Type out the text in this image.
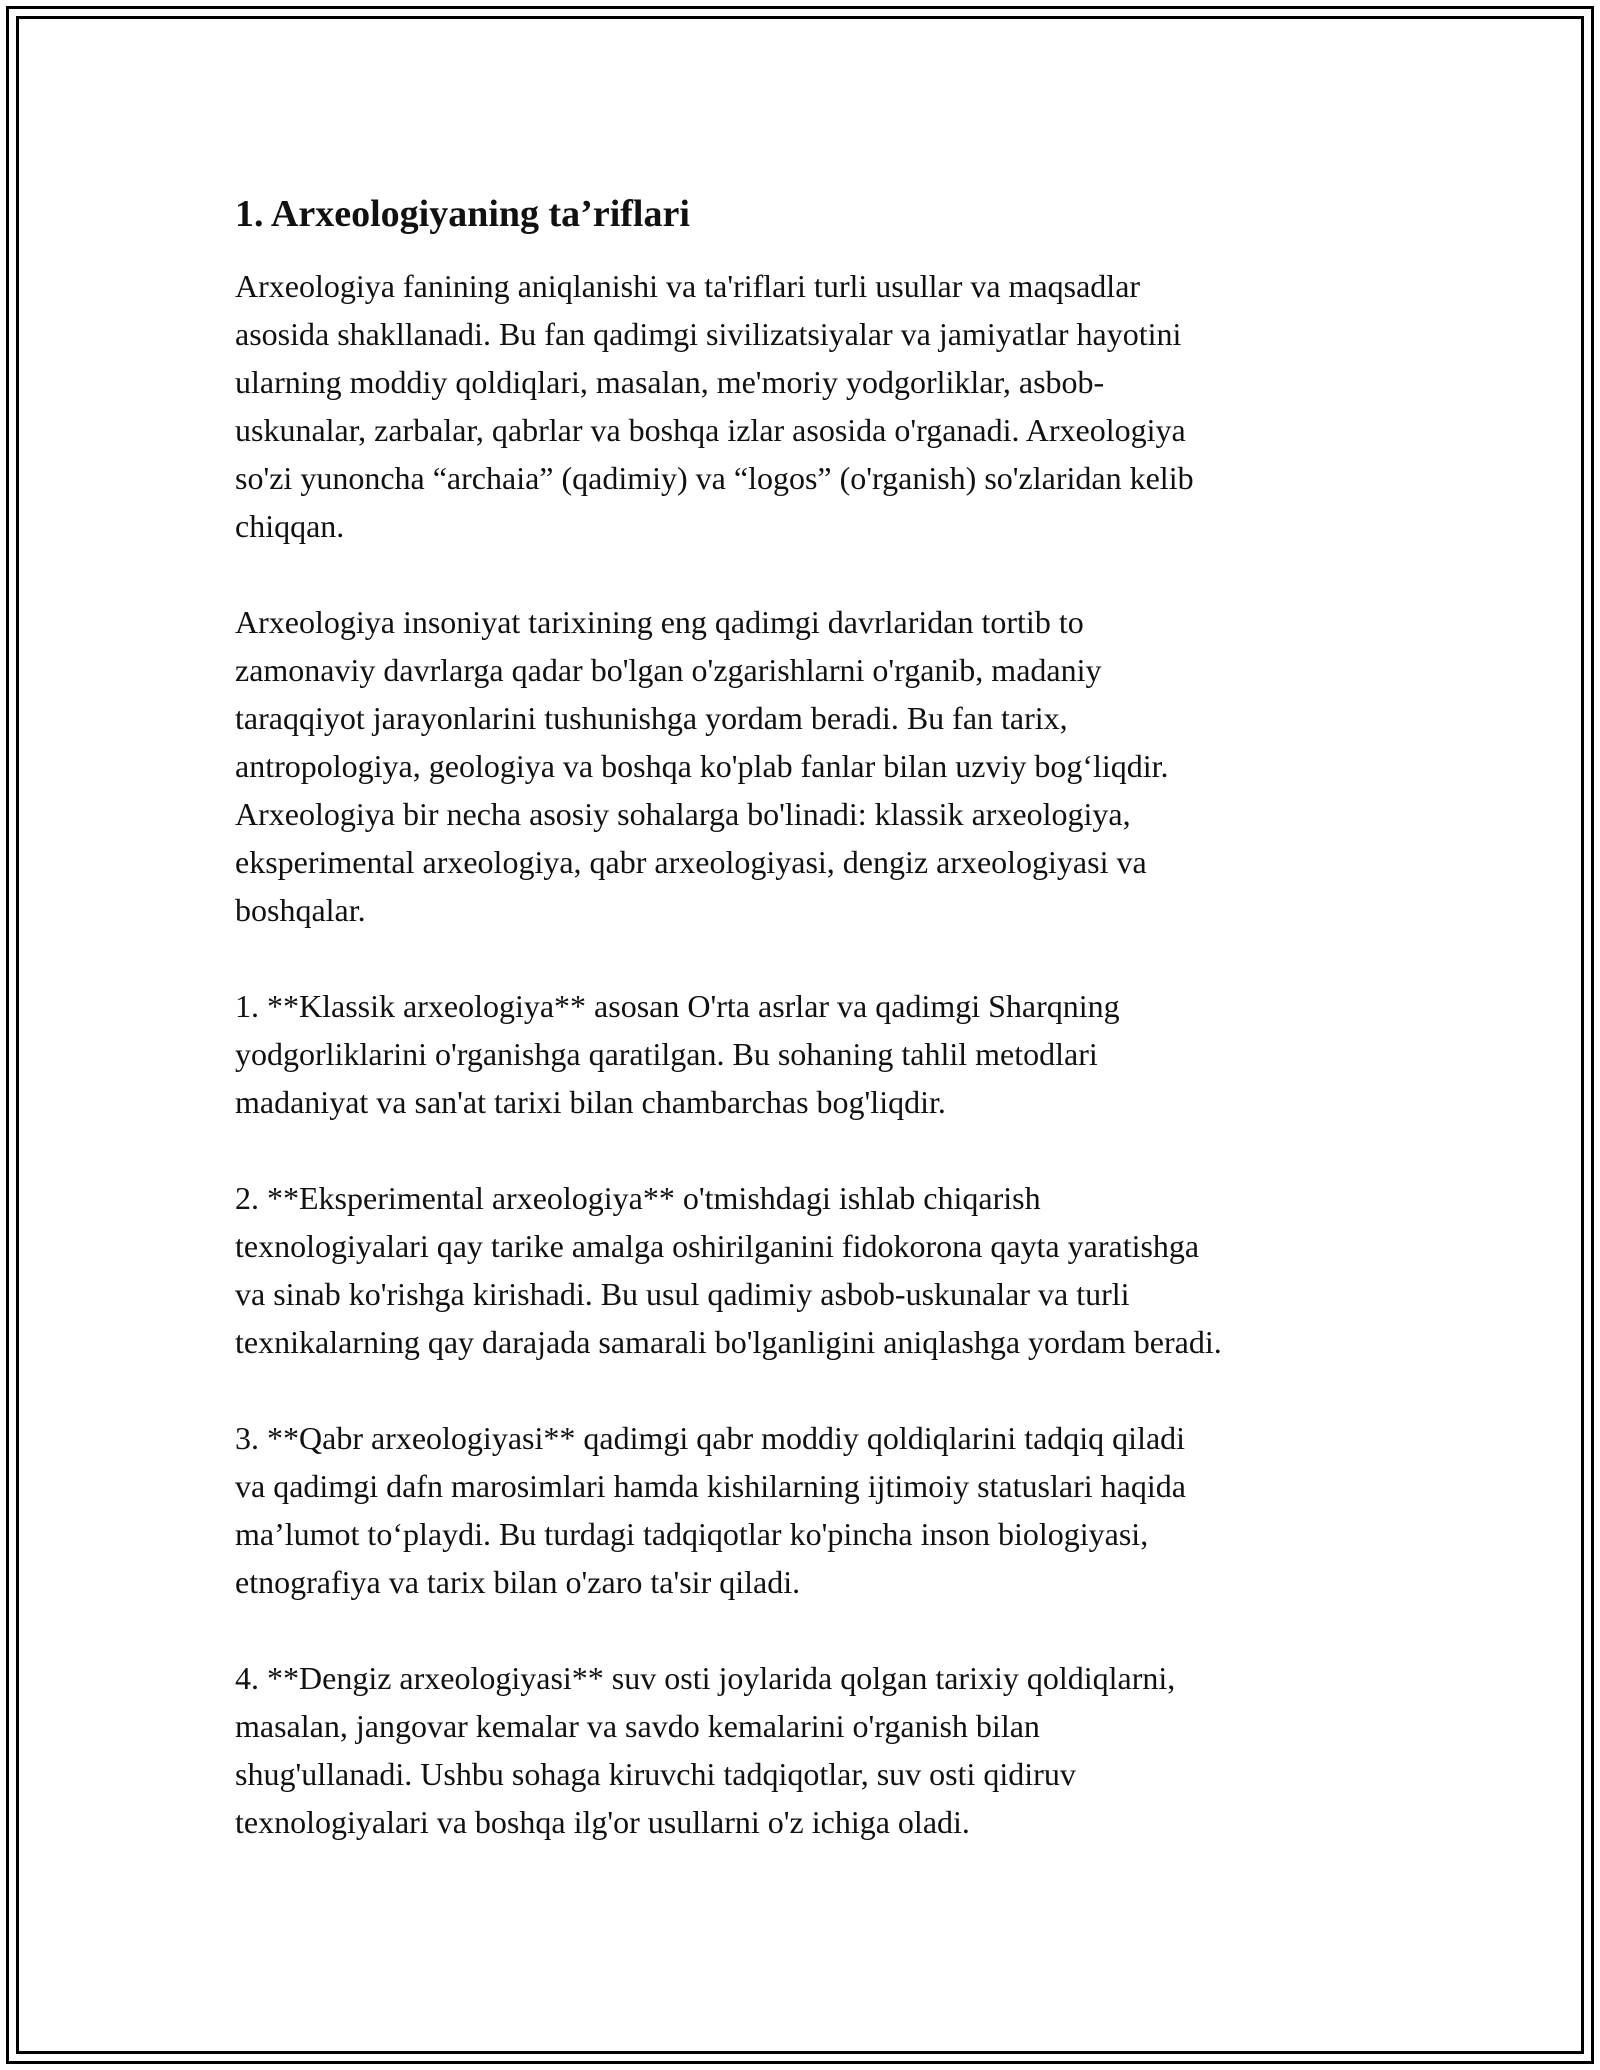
1. Arxeologiyaning ta’riflari

Arxeologiya fanining aniqlanishi va ta'riflari turli usullar va maqsadlar
asosida shakllanadi. Bu fan qadimgi sivilizatsiyalar va jamiyatlar hayotini
ularning moddiy qoldiqlari, masalan, me'moriy yodgorliklar, asbob-
uskunalar, zarbalar, qabrlar va boshqa izlar asosida o'rganadi. Arxeologiya
so'zi yunoncha “archaia” (qadimiy) va “logos” (o'rganish) so'zlaridan kelib
chiqqan.

Arxeologiya insoniyat tarixining eng qadimgi davrlaridan tortib to
zamonaviy davrlarga qadar bo'lgan o'zgarishlarni o'rganib, madaniy
taraqqiyot jarayonlarini tushunishga yordam beradi. Bu fan tarix,
antropologiya, geologiya va boshqa ko'plab fanlar bilan uzviy bog‘liqdir.
Arxeologiya bir necha asosiy sohalarga bo'linadi: klassik arxeologiya,
eksperimental arxeologiya, qabr arxeologiyasi, dengiz arxeologiyasi va
boshqalar.

1. **Klassik arxeologiya** asosan O'rta asrlar va qadimgi Sharqning
yodgorliklarini o'rganishga qaratilgan. Bu sohaning tahlil metodlari
madaniyat va san'at tarixi bilan chambarchas bog'liqdir.

2. **Eksperimental arxeologiya** o'tmishdagi ishlab chiqarish
texnologiyalari qay tarike amalga oshirilganini fidokorona qayta yaratishga
va sinab ko'rishga kirishadi. Bu usul qadimiy asbob-uskunalar va turli
texnikalarning qay darajada samarali bo'lganligini aniqlashga yordam beradi.

3. **Qabr arxeologiyasi** qadimgi qabr moddiy qoldiqlarini tadqiq qiladi
va qadimgi dafn marosimlari hamda kishilarning ijtimoiy statuslari haqida
ma’lumot to‘playdi. Bu turdagi tadqiqotlar ko'pincha inson biologiyasi,
etnografiya va tarix bilan o'zaro ta'sir qiladi.

4. **Dengiz arxeologiyasi** suv osti joylarida qolgan tarixiy qoldiqlarni,
masalan, jangovar kemalar va savdo kemalarini o'rganish bilan
shug'ullanadi. Ushbu sohaga kiruvchi tadqiqotlar, suv osti qidiruv
texnologiyalari va boshqa ilg'or usullarni o'z ichiga oladi.
